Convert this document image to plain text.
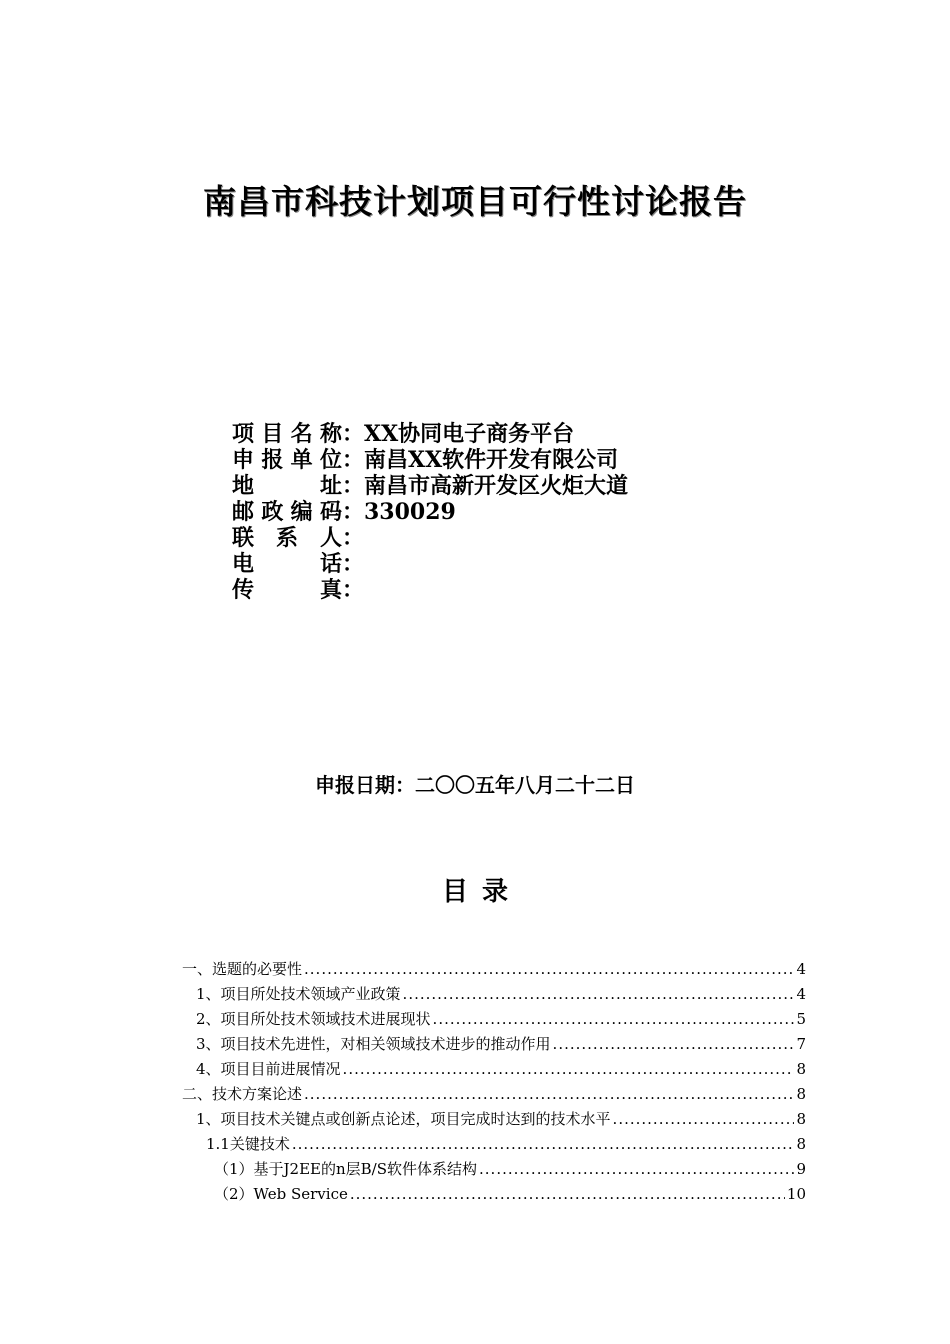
南昌市科技计划项目可行性讨论报告
项目名称 ： XX协同电子商务平台
申报单位 ： 南昌XX软件开发有限公司
地址 ： 南昌市高新开发区火炬大道
邮政编码 ： 330029
联系人 ：
电话 ：
传真 ：
申报日期：二〇〇五年八月二十二日
目录
一、选题的必要性 .....	4
1、项目所处技术领域产业政策 .....	4
2、项目所处技术领域技术进展现状 .....	5
3、项目技术先进性，对相关领域技术进步的推动作用 .....	7
4、项目目前进展情况 .....	8
二、技术方案论述 .....	8
1、项目技术关键点或创新点论述，项目完成时达到的技术水平 .....	8
1.1关键技术 .....	8
（1）基于J2EE的n层B/S软件体系结构 .....	9
（2）Web Service .....	10
